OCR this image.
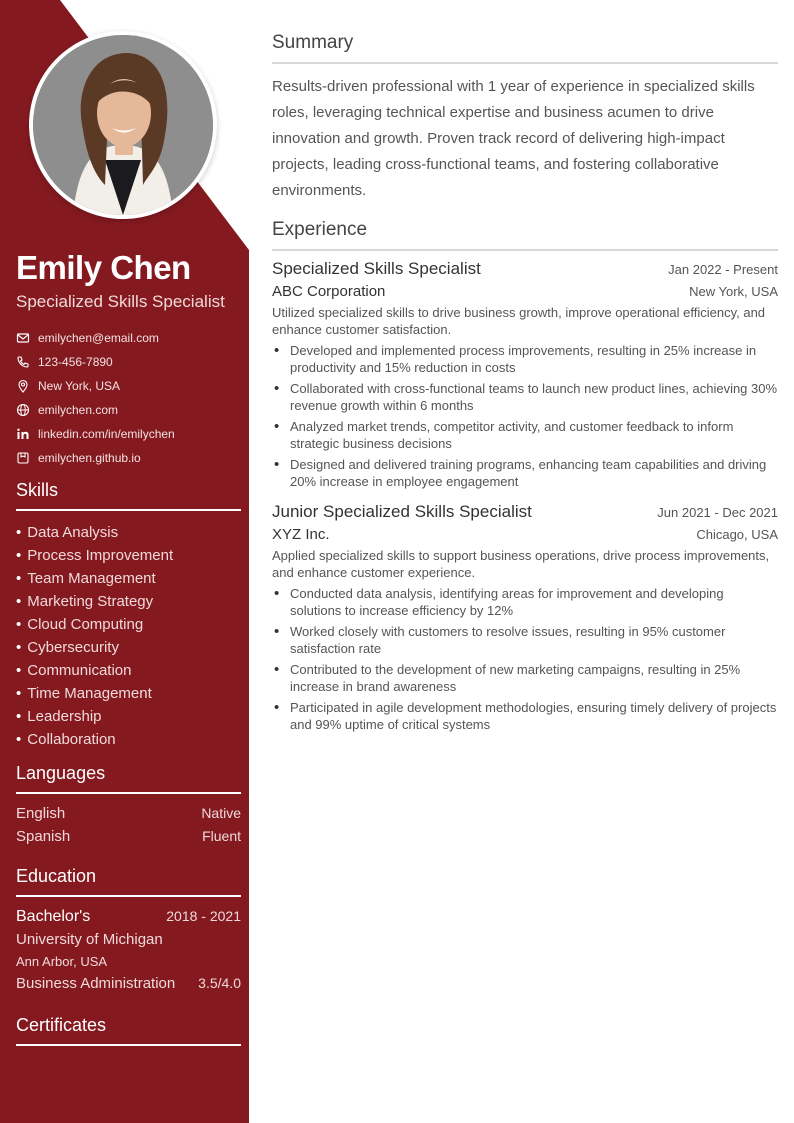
Emily Chen
Specialized Skills Specialist
emilychen@email.com
123-456-7890
New York, USA
emilychen.com
linkedin.com/in/emilychen
emilychen.github.io
Skills
• Data Analysis
• Process Improvement
• Team Management
• Marketing Strategy
• Cloud Computing
• Cybersecurity
• Communication
• Time Management
• Leadership
• Collaboration
Languages
English	Native
Spanish	Fluent
Education
Bachelor's	2018 - 2021
University of Michigan
Ann Arbor, USA
Business Administration 3.5/4.0
Certificates
Summary
Results-driven professional with 1 year of experience in specialized skills roles, leveraging technical expertise and business acumen to drive innovation and growth. Proven track record of delivering high-impact projects, leading cross-functional teams, and fostering collaborative environments.
Experience
Specialized Skills Specialist	Jan 2022 - Present
ABC Corporation	New York, USA
Utilized specialized skills to drive business growth, improve operational efficiency, and enhance customer satisfaction.
• Developed and implemented process improvements, resulting in 25% increase in productivity and 15% reduction in costs
• Collaborated with cross-functional teams to launch new product lines, achieving 30% revenue growth within 6 months
• Analyzed market trends, competitor activity, and customer feedback to inform strategic business decisions
• Designed and delivered training programs, enhancing team capabilities and driving 20% increase in employee engagement
Junior Specialized Skills Specialist	Jun 2021 - Dec 2021
XYZ Inc.	Chicago, USA
Applied specialized skills to support business operations, drive process improvements, and enhance customer experience.
• Conducted data analysis, identifying areas for improvement and developing solutions to increase efficiency by 12%
• Worked closely with customers to resolve issues, resulting in 95% customer satisfaction rate
• Contributed to the development of new marketing campaigns, resulting in 25% increase in brand awareness
• Participated in agile development methodologies, ensuring timely delivery of projects and 99% uptime of critical systems
